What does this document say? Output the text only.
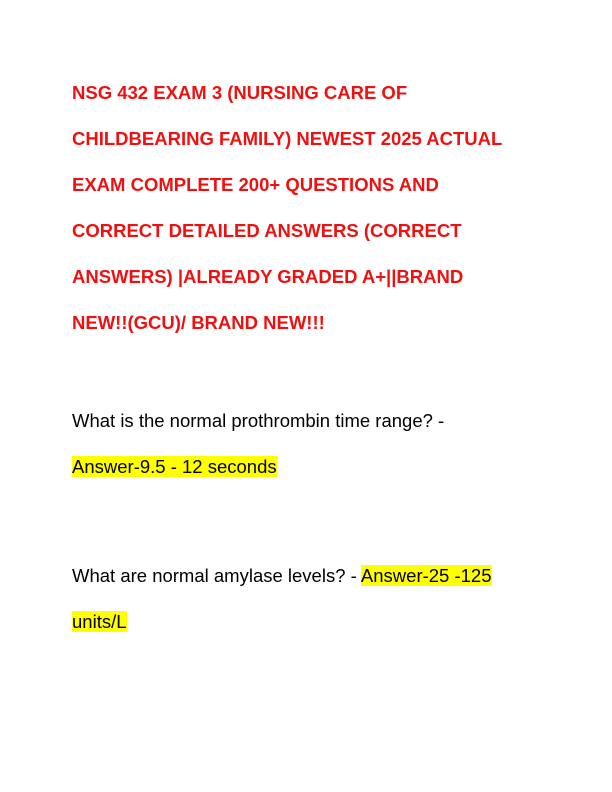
NSG 432 EXAM 3 (NURSING CARE OF
CHILDBEARING FAMILY) NEWEST 2025 ACTUAL
EXAM COMPLETE 200+ QUESTIONS AND
CORRECT DETAILED ANSWERS (CORRECT
ANSWERS) |ALREADY GRADED A+||BRAND
NEW!!(GCU)/ BRAND NEW!!!
What is the normal prothrombin time range? -
Answer-9.5 - 12 seconds
What are normal amylase levels? - Answer-25 -125
units/L
